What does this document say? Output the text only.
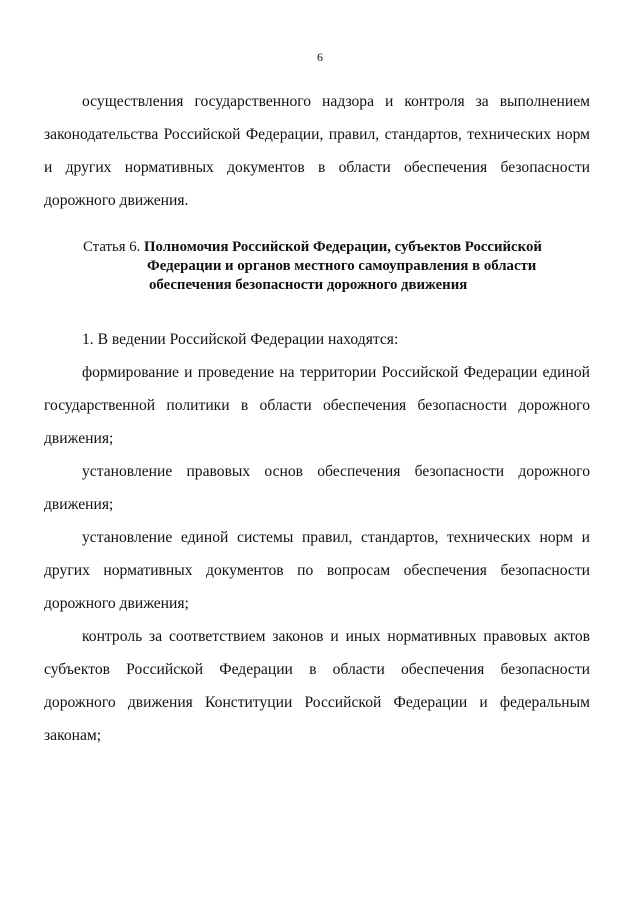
6

осуществления государственного надзора и контроля за выполнением законодательства Российской Федерации, правил, стандартов, технических норм и других нормативных документов в области обеспечения безопасности дорожного движения.

Статья 6. Полномочия Российской Федерации, субъектов Российской
Федерации и органов местного самоуправления в области
обеспечения безопасности дорожного движения

1. В ведении Российской Федерации находятся:

формирование и проведение на территории Российской Федерации единой государственной политики в области обеспечения безопасности дорожного движения;

установление правовых основ обеспечения безопасности дорожного движения;

установление единой системы правил, стандартов, технических норм и других нормативных документов по вопросам обеспечения безопасности дорожного движения;

контроль за соответствием законов и иных нормативных правовых актов субъектов Российской Федерации в области обеспечения безопасности дорожного движения Конституции Российской Федерации и федеральным законам;
